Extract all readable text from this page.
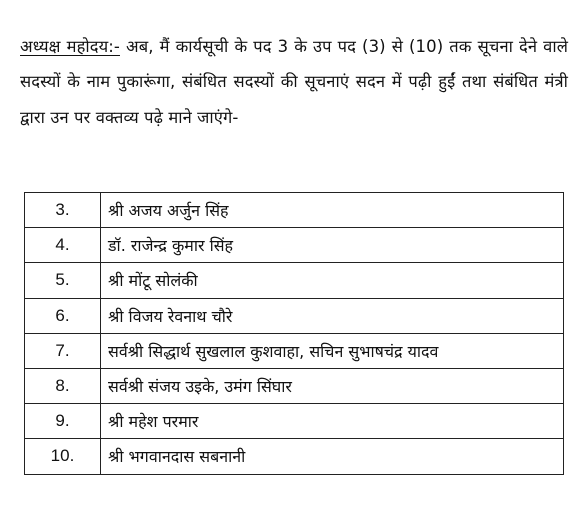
अध्यक्ष महोदय:- अब, मैं कार्यसूची के पद 3 के उप पद (3) से (10) तक सूचना देने वाले सदस्यों के नाम पुकारूंगा, संबंधित सदस्यों की सूचनाएं सदन में पढ़ी हुईं तथा संबंधित मंत्री द्वारा उन पर वक्तव्य पढ़े माने जाएंगे-

3.	श्री अजय अर्जुन सिंह
4.	डॉ. राजेन्द्र कुमार सिंह
5.	श्री मोंटू सोलंकी
6.	श्री विजय रेवनाथ चौरे
7.	सर्वश्री सिद्धार्थ सुखलाल कुशवाहा, सचिन सुभाषचंद्र यादव
8.	सर्वश्री संजय उइके, उमंग सिंघार
9.	श्री महेश परमार
10.	श्री भगवानदास सबनानी
